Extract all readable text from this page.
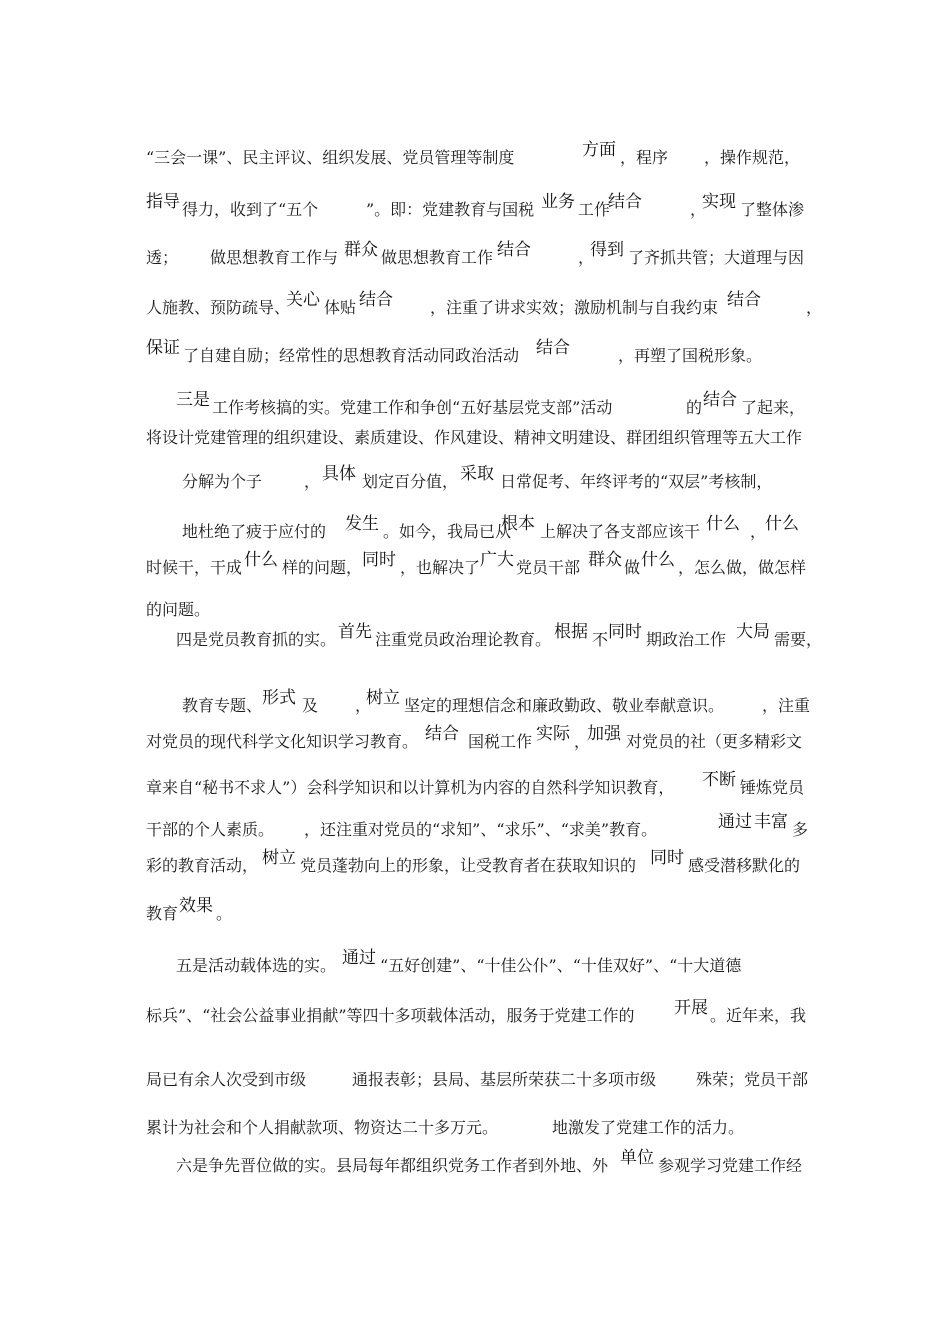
“三会一课”、民主评议、组织发展、党员管理等制度	方面 ，程序 ，操作规范，
指导 得力，收到了“五个	”。即：党建教育与国税 业务 工作
结合	，
实现 了整体渗
透； 做思想教育工作与 群众 做思想教育工作 结合	，
得到 了齐抓共管；大道理与因
人施教、预防疏导、
关心 体贴 结合 ，注重了讲求实效；激励机制与自我约束 结合	，
保证 了自建自励；经常性的思想教育活动同政治活动 结合	，再塑了国税形象。
三是 工作考核搞的实。党建工作和争创“五好基层党支部”活动	的 结合 了起来，
将设计党建管理的组织建设、素质建设、作风建设、精神文明建设、群团组织管理等五大工作
分解为个子	， 具体 划定百分值， 采取 日常促考、年终评考的“双层”考核制，
地杜绝了疲于应付的 发生 。如今，我局已从
根本 上解决了各支部应该干 什么 ，
什么
时候干，干成 什么 样的问题， 同时 ，也解决了 广大 党员干部 群众 做 什么 ，怎么做，做怎样
的问题。
四是党员教育抓的实。 首先 注重党员政治理论教育。 根据 不 同时 期政治工作 大局 需要，
教育专题、 形式 及 ，
树立 坚定的理想信念和廉政勤政、敬业奉献意识。 ，注重
对党员的现代科学文化知识学习教育。 结合 国税工作 实际 ，
加强 对党员的社（更多精彩文
章来自“秘书不求人”）会科学知识和以计算机为内容的自然科学知识教育， 不断 锤炼党员
干部的个人素质。 ，还注重对党员的“求知”、“求乐”、“求美”教育。	通过 丰富 多
彩的教育活动， 树立 党员蓬勃向上的形象，让受教育者在获取知识的 同时 感受潜移默化的
教育 效果 。
五是活动载体选的实。 通过 “五好创建”、“十佳公仆”、“十佳双好”、“十大道德
标兵”、“社会公益事业捐献”等四十多项载体活动，服务于党建工作的 开展 。近年来，我
局已有余人次受到市级	通报表彰；县局、基层所荣获二十多项市级 殊荣；党员干部
累计为社会和个人捐献款项、物资达二十多万元。	地激发了党建工作的活力。
六是争先晋位做的实。县局每年都组织党务工作者到外地、外 单位 参观学习党建工作经
